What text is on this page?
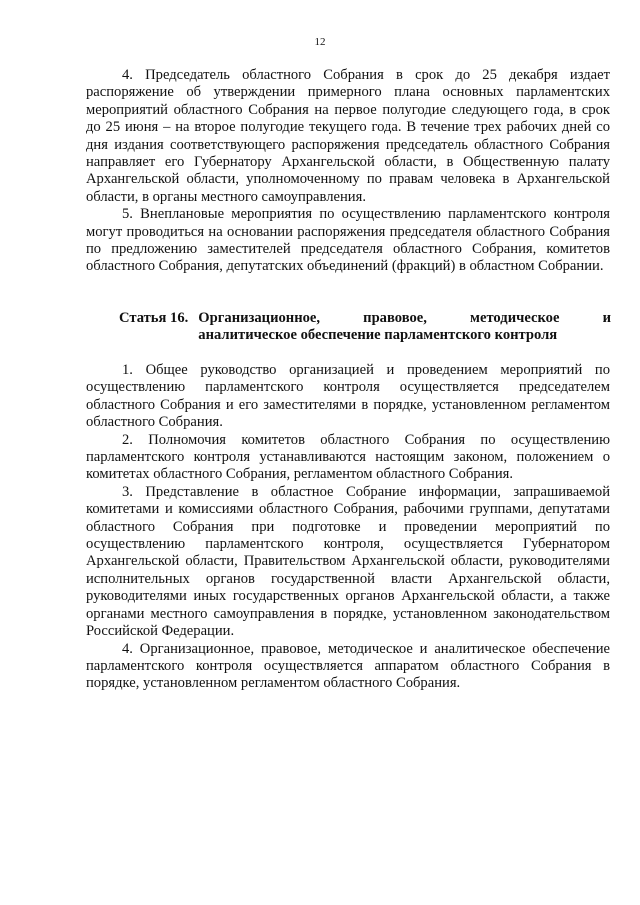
12

4. Председатель областного Собрания в срок до 25 декабря издает распоряжение об утверждении примерного плана основных парламентских мероприятий областного Собрания на первое полугодие следующего года, в срок до 25 июня – на второе полугодие текущего года. В течение трех рабочих дней со дня издания соответствующего распоряжения председатель областного Собрания направляет его Губернатору Архангельской области, в Общественную палату Архангельской области, уполномоченному по правам человека в Архангельской области, в органы местного самоуправления.

5. Внеплановые мероприятия по осуществлению парламентского контроля могут проводиться на основании распоряжения председателя областного Собрания по предложению заместителей председателя областного Собрания, комитетов областного Собрания, депутатских объединений (фракций) в областном Собрании.

Статья 16. Организационное, правовое, методическое и
аналитическое обеспечение парламентского контроля

1. Общее руководство организацией и проведением мероприятий по осуществлению парламентского контроля осуществляется председателем областного Собрания и его заместителями в порядке, установленном регламентом областного Собрания.

2. Полномочия комитетов областного Собрания по осуществлению парламентского контроля устанавливаются настоящим законом, положением о комитетах областного Собрания, регламентом областного Собрания.

3. Представление в областное Собрание информации, запрашиваемой комитетами и комиссиями областного Собрания, рабочими группами, депутатами областного Собрания при подготовке и проведении мероприятий по осуществлению парламентского контроля, осуществляется Губернатором Архангельской области, Правительством Архангельской области, руководителями исполнительных органов государственной власти Архангельской области, руководителями иных государственных органов Архангельской области, а также органами местного самоуправления в порядке, установленном законодательством Российской Федерации.

4. Организационное, правовое, методическое и аналитическое обеспечение парламентского контроля осуществляется аппаратом областного Собрания в порядке, установленном регламентом областного Собрания.
